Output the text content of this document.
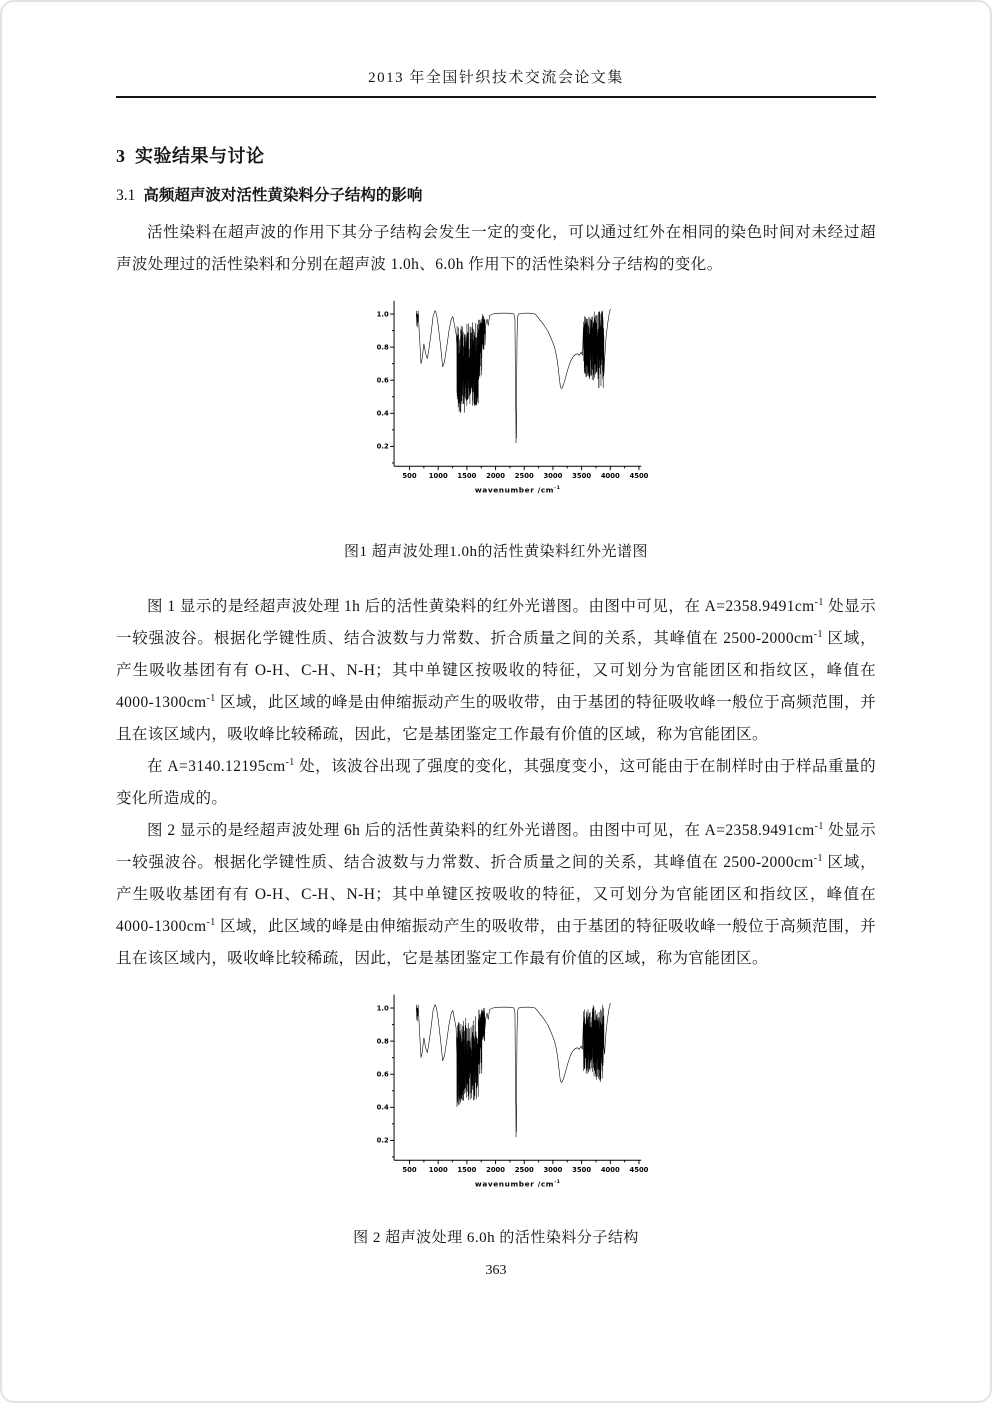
2013 年全国针织技术交流会论文集
3 实验结果与讨论
3.1 高频超声波对活性黄染料分子结构的影响

活性染料在超声波的作用下其分子结构会发生一定的变化，可以通过红外在相同的染色时间对未经过超声波处理过的活性染料和分别在超声波 1.0h、6.0h 作用下的活性染料分子结构的变化。

500 1000 1500 2000 2500 3000 3500 4000 4500
0.2
0.4
0.6
0.8
1.0
wavenumber $/cm^{-1}$

图1 超声波处理1.0h的活性黄染料红外光谱图

图 1 显示的是经超声波处理 1h 后的活性黄染料的红外光谱图。由图中可见，在 $A=2358.9491cm^{-1}$ 处显示一较强波谷。根据化学键性质、结合波数与力常数、折合质量之间的关系，其峰值在 $2500-2000cm^{-1}$ 区域，产生吸收基团有有 O-H、C-H、N-H；其中单键区按吸收的特征，又可划分为官能团区和指纹区，峰值在 $4000-1300cm^{-1}$ 区域，此区域的峰是由伸缩振动产生的吸收带，由于基团的特征吸收峰一般位于高频范围，并且在该区域内，吸收峰比较稀疏，因此，它是基团鉴定工作最有价值的区域，称为官能团区。

在 $A=3140.12195cm^{-1}$ 处，该波谷出现了强度的变化，其强度变小，这可能由于在制样时由于样品重量的变化所造成的。

图 2 显示的是经超声波处理 6h 后的活性黄染料的红外光谱图。由图中可见，在 $A=2358.9491cm^{-1}$ 处显示一较强波谷。根据化学键性质、结合波数与力常数、折合质量之间的关系，其峰值在 $2500-2000cm^{-1}$ 区域，产生吸收基团有有 O-H、C-H、N-H；其中单键区按吸收的特征，又可划分为官能团区和指纹区，峰值在 $4000-1300cm^{-1}$ 区域，此区域的峰是由伸缩振动产生的吸收带，由于基团的特征吸收峰一般位于高频范围，并且在该区域内，吸收峰比较稀疏，因此，它是基团鉴定工作最有价值的区域，称为官能团区。

500 1000 1500 2000 2500 3000 3500 4000 4500
0.2
0.4
0.6
0.8
1.0
wavenumber $/cm^{-1}$

图 2 超声波处理 6.0h 的活性染料分子结构

363
